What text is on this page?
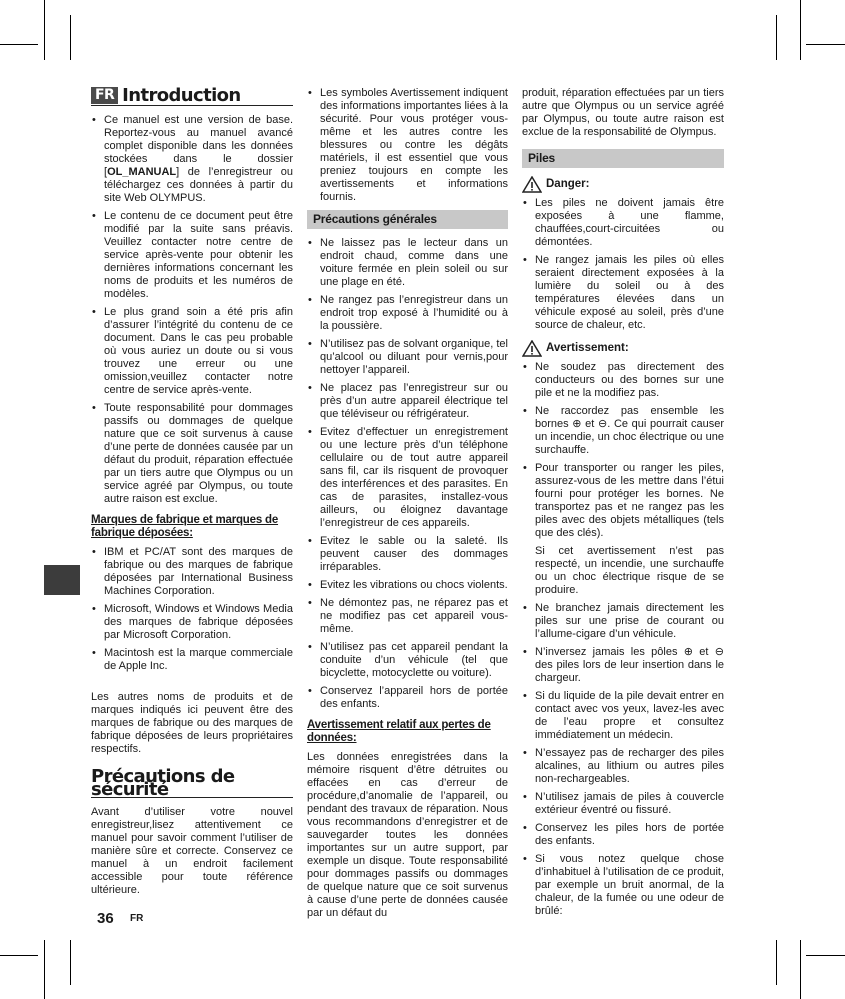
FR Introduction
• Ce manuel est une version de base. Reportez-vous au manuel avancé complet disponible dans les données stockées dans le dossier [OL_MANUAL] de l’enregistreur ou téléchargez ces données à partir du site Web OLYMPUS.
• Le contenu de ce document peut être modifié par la suite sans préavis. Veuillez contacter notre centre de service après-vente pour obtenir les dernières informations concernant les noms de produits et les numéros de modèles.
• Le plus grand soin a été pris afin d’assurer l’intégrité du contenu de ce document. Dans le cas peu probable où vous auriez un doute ou si vous trouvez une erreur ou une omission,veuillez contacter notre centre de service après-vente.
• Toute responsabilité pour dommages passifs ou dommages de quelque nature que ce soit survenus à cause d’une perte de données causée par un défaut du produit, réparation effectuée par un tiers autre que Olympus ou un service agréé par Olympus, ou toute autre raison est exclue.
Marques de fabrique et marques de fabrique déposées:
• IBM et PC/AT sont des marques de fabrique ou des marques de fabrique déposées par International Business Machines Corporation.
• Microsoft, Windows et Windows Media des marques de fabrique déposées par Microsoft Corporation.
• Macintosh est la marque commerciale de Apple Inc.

Les autres noms de produits et de marques indiqués ici peuvent être des marques de fabrique ou des marques de fabrique déposées de leurs propriétaires respectifs.

Précautions de sécurité

Avant d’utiliser votre nouvel enregistreur,lisez attentivement ce manuel pour savoir comment l’utiliser de manière sûre et correcte. Conservez ce manuel à un endroit facilement accessible pour toute référence ultérieure.

• Les symboles Avertissement indiquent des informations importantes liées à la sécurité. Pour vous protéger vous-même et les autres contre les blessures ou contre les dégâts matériels, il est essentiel que vous preniez toujours en compte les avertissements et informations fournis.
Précautions générales
• Ne laissez pas le lecteur dans un endroit chaud, comme dans une voiture fermée en plein soleil ou sur une plage en été.
• Ne rangez pas l’enregistreur dans un endroit trop exposé à l’humidité ou à la poussière.
• N’utilisez pas de solvant organique, tel qu’alcool ou diluant pour vernis,pour nettoyer l’appareil.
• Ne placez pas l’enregistreur sur ou près d’un autre appareil électrique tel que téléviseur ou réfrigérateur.
• Evitez d’effectuer un enregistrement ou une lecture près d’un téléphone cellulaire ou de tout autre appareil sans fil, car ils risquent de provoquer des interférences et des parasites. En cas de parasites, installez-vous ailleurs, ou éloignez davantage l’enregistreur de ces appareils.
• Evitez le sable ou la saleté. Ils peuvent causer des dommages irréparables.
• Evitez les vibrations ou chocs violents.
• Ne démontez pas, ne réparez pas et ne modifiez pas cet appareil vous-même.
• N’utilisez pas cet appareil pendant la conduite d’un véhicule (tel que bicyclette, motocyclette ou voiture).
• Conservez l’appareil hors de portée des enfants.
Avertissement relatif aux pertes de données:

Les données enregistrées dans la mémoire risquent d’être détruites ou effacées en cas d’erreur de procédure,d’anomalie de l’appareil, ou pendant des travaux de réparation. Nous vous recommandons d’enregistrer et de sauvegarder toutes les données importantes sur un autre support, par exemple un disque. Toute responsabilité pour dommages passifs ou dommages de quelque nature que ce soit survenus à cause d’une perte de données causée par un défaut du

produit, réparation effectuées par un tiers autre que Olympus ou un service agréé par Olympus, ou toute autre raison est exclue de la responsabilité de Olympus.

Piles
Danger:
• Les piles ne doivent jamais être exposées à une flamme, chauffées,court-circuitées ou démontées.
• Ne rangez jamais les piles où elles seraient directement exposées à la lumière du soleil ou à des températures élevées dans un véhicule exposé au soleil, près d’une source de chaleur, etc.
Avertissement:
• Ne soudez pas directement des conducteurs ou des bornes sur une pile et ne la modifiez pas.
• Ne raccordez pas ensemble les bornes ⊕ et ⊖. Ce qui pourrait causer un incendie, un choc électrique ou une surchauffe.
• Pour transporter ou ranger les piles, assurez-vous de les mettre dans l’étui fourni pour protéger les bornes. Ne transportez pas et ne rangez pas les piles avec des objets métalliques (tels que des clés).

Si cet avertissement n’est pas respecté, un incendie, une surchauffe ou un choc électrique risque de se produire.

• Ne branchez jamais directement les piles sur une prise de courant ou l’allume-cigare d’un véhicule.
• N’inversez jamais les pôles ⊕ et ⊖ des piles lors de leur insertion dans le chargeur.
• Si du liquide de la pile devait entrer en contact avec vos yeux, lavez-les avec de l’eau propre et consultez immédiatement un médecin.
• N’essayez pas de recharger des piles alcalines, au lithium ou autres piles non-rechargeables.
• N’utilisez jamais de piles à couvercle extérieur éventré ou fissuré.
• Conservez les piles hors de portée des enfants.
• Si vous notez quelque chose d’inhabituel à l’utilisation de ce produit, par exemple un bruit anormal, de la chaleur, de la fumée ou une odeur de brûlé:
36 FR
